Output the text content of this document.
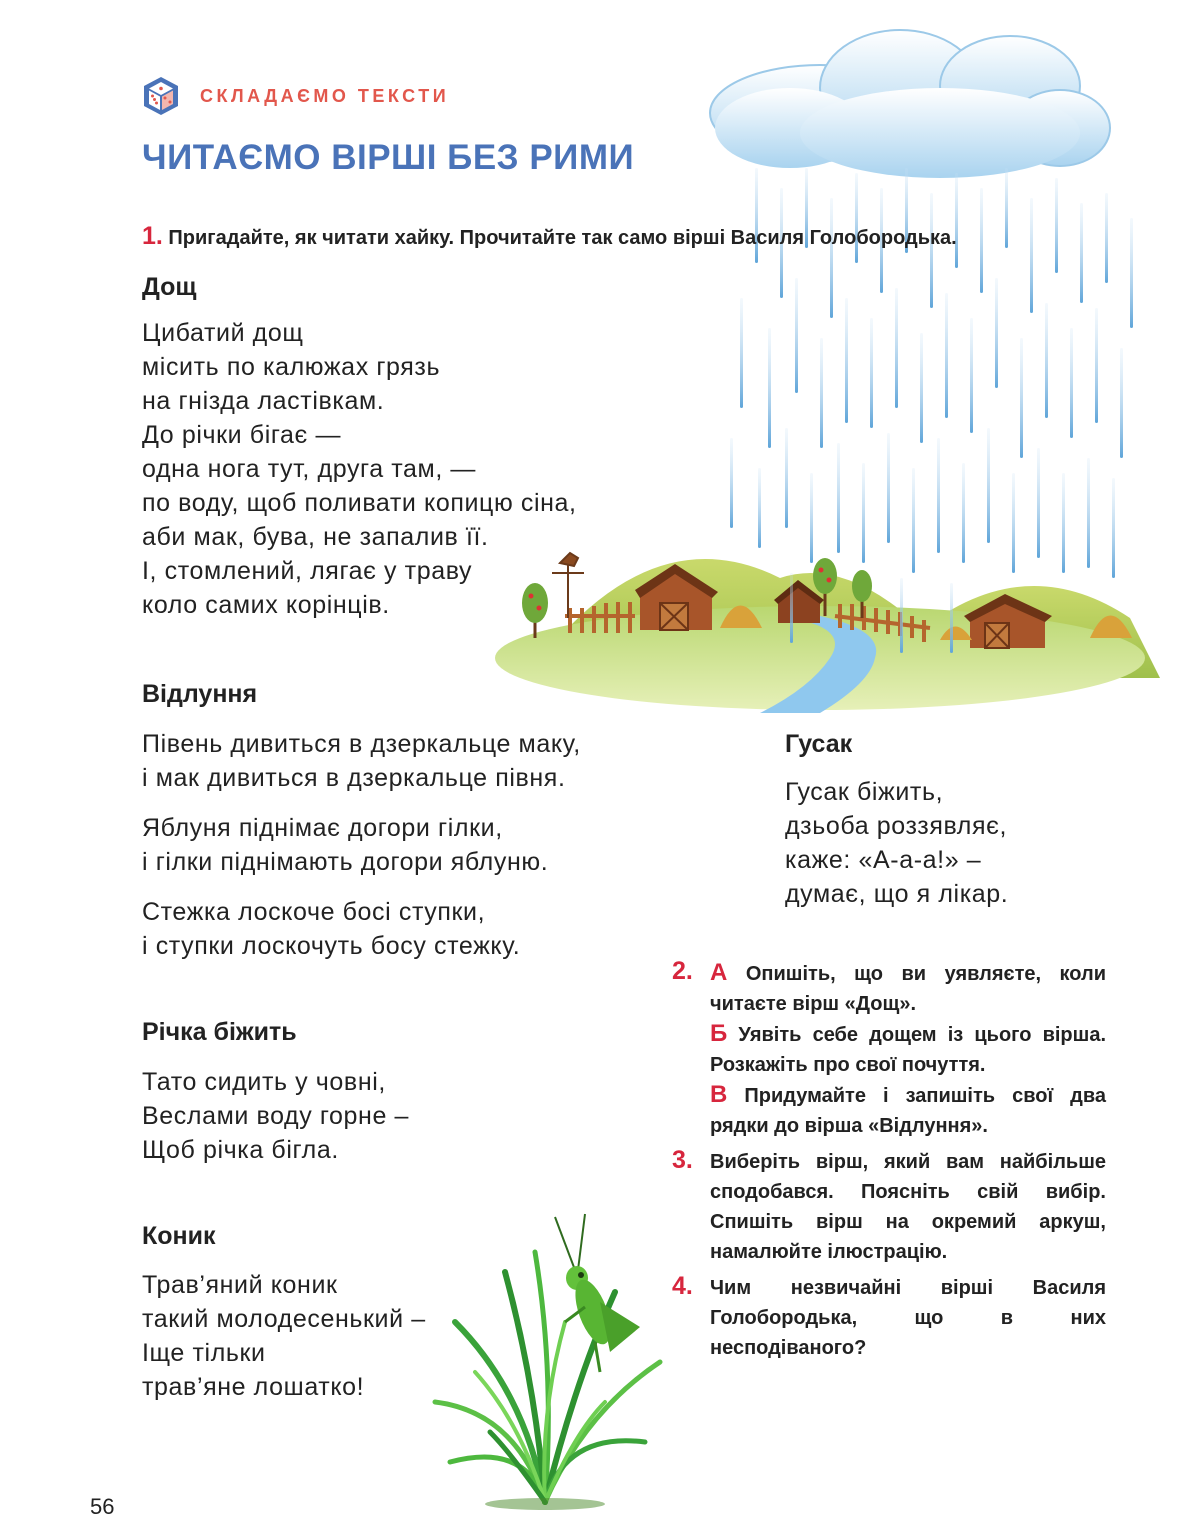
СКЛАДАЄМО ТЕКСТИ
ЧИТАЄМО ВІРШІ БЕЗ РИМИ
1. Пригадайте, як читати хайку. Прочитайте так само вірші Василя Голобородька.
Дощ
Цибатий дощ
місить по калюжах грязь
на гнізда ластівкам.
До річки бігає —
одна нога тут, друга там, —
по воду, щоб поливати копицю сіна,
аби мак, бува, не запалив її.
І, стомлений, лягає у траву
коло самих корінців.
Відлуння
Півень дивиться в дзеркальце маку,
і мак дивиться в дзеркальце півня.
Яблуня піднімає догори гілки,
і гілки піднімають догори яблуню.
Стежка лоскоче босі ступки,
і ступки лоскочуть босу стежку.
Гусак
Гусак біжить,
дзьоба роззявляє,
каже: «А-а-а!» –
думає, що я лікар.
Річка біжить
Тато сидить у човні,
Веслами воду горне –
Щоб річка бігла.
Коник
Трав’яний коник
такий молодесенький –
Іще тільки
трав’яне лошатко!
2. А Опишіть, що ви уявляєте, коли читаєте вірш «Дощ».
Б Уявіть себе дощем із цього вірша. Розкажіть про свої почуття.
В Придумайте і запишіть свої два рядки до вірша «Відлуння».
3. Виберіть вірш, який вам найбільше сподобався. Поясніть свій вибір. Спишіть вірш на окремий аркуш, намалюйте ілюстрацію.
4. Чим незвичайні вірші Василя Голобородька, що в них несподіваного?
56
